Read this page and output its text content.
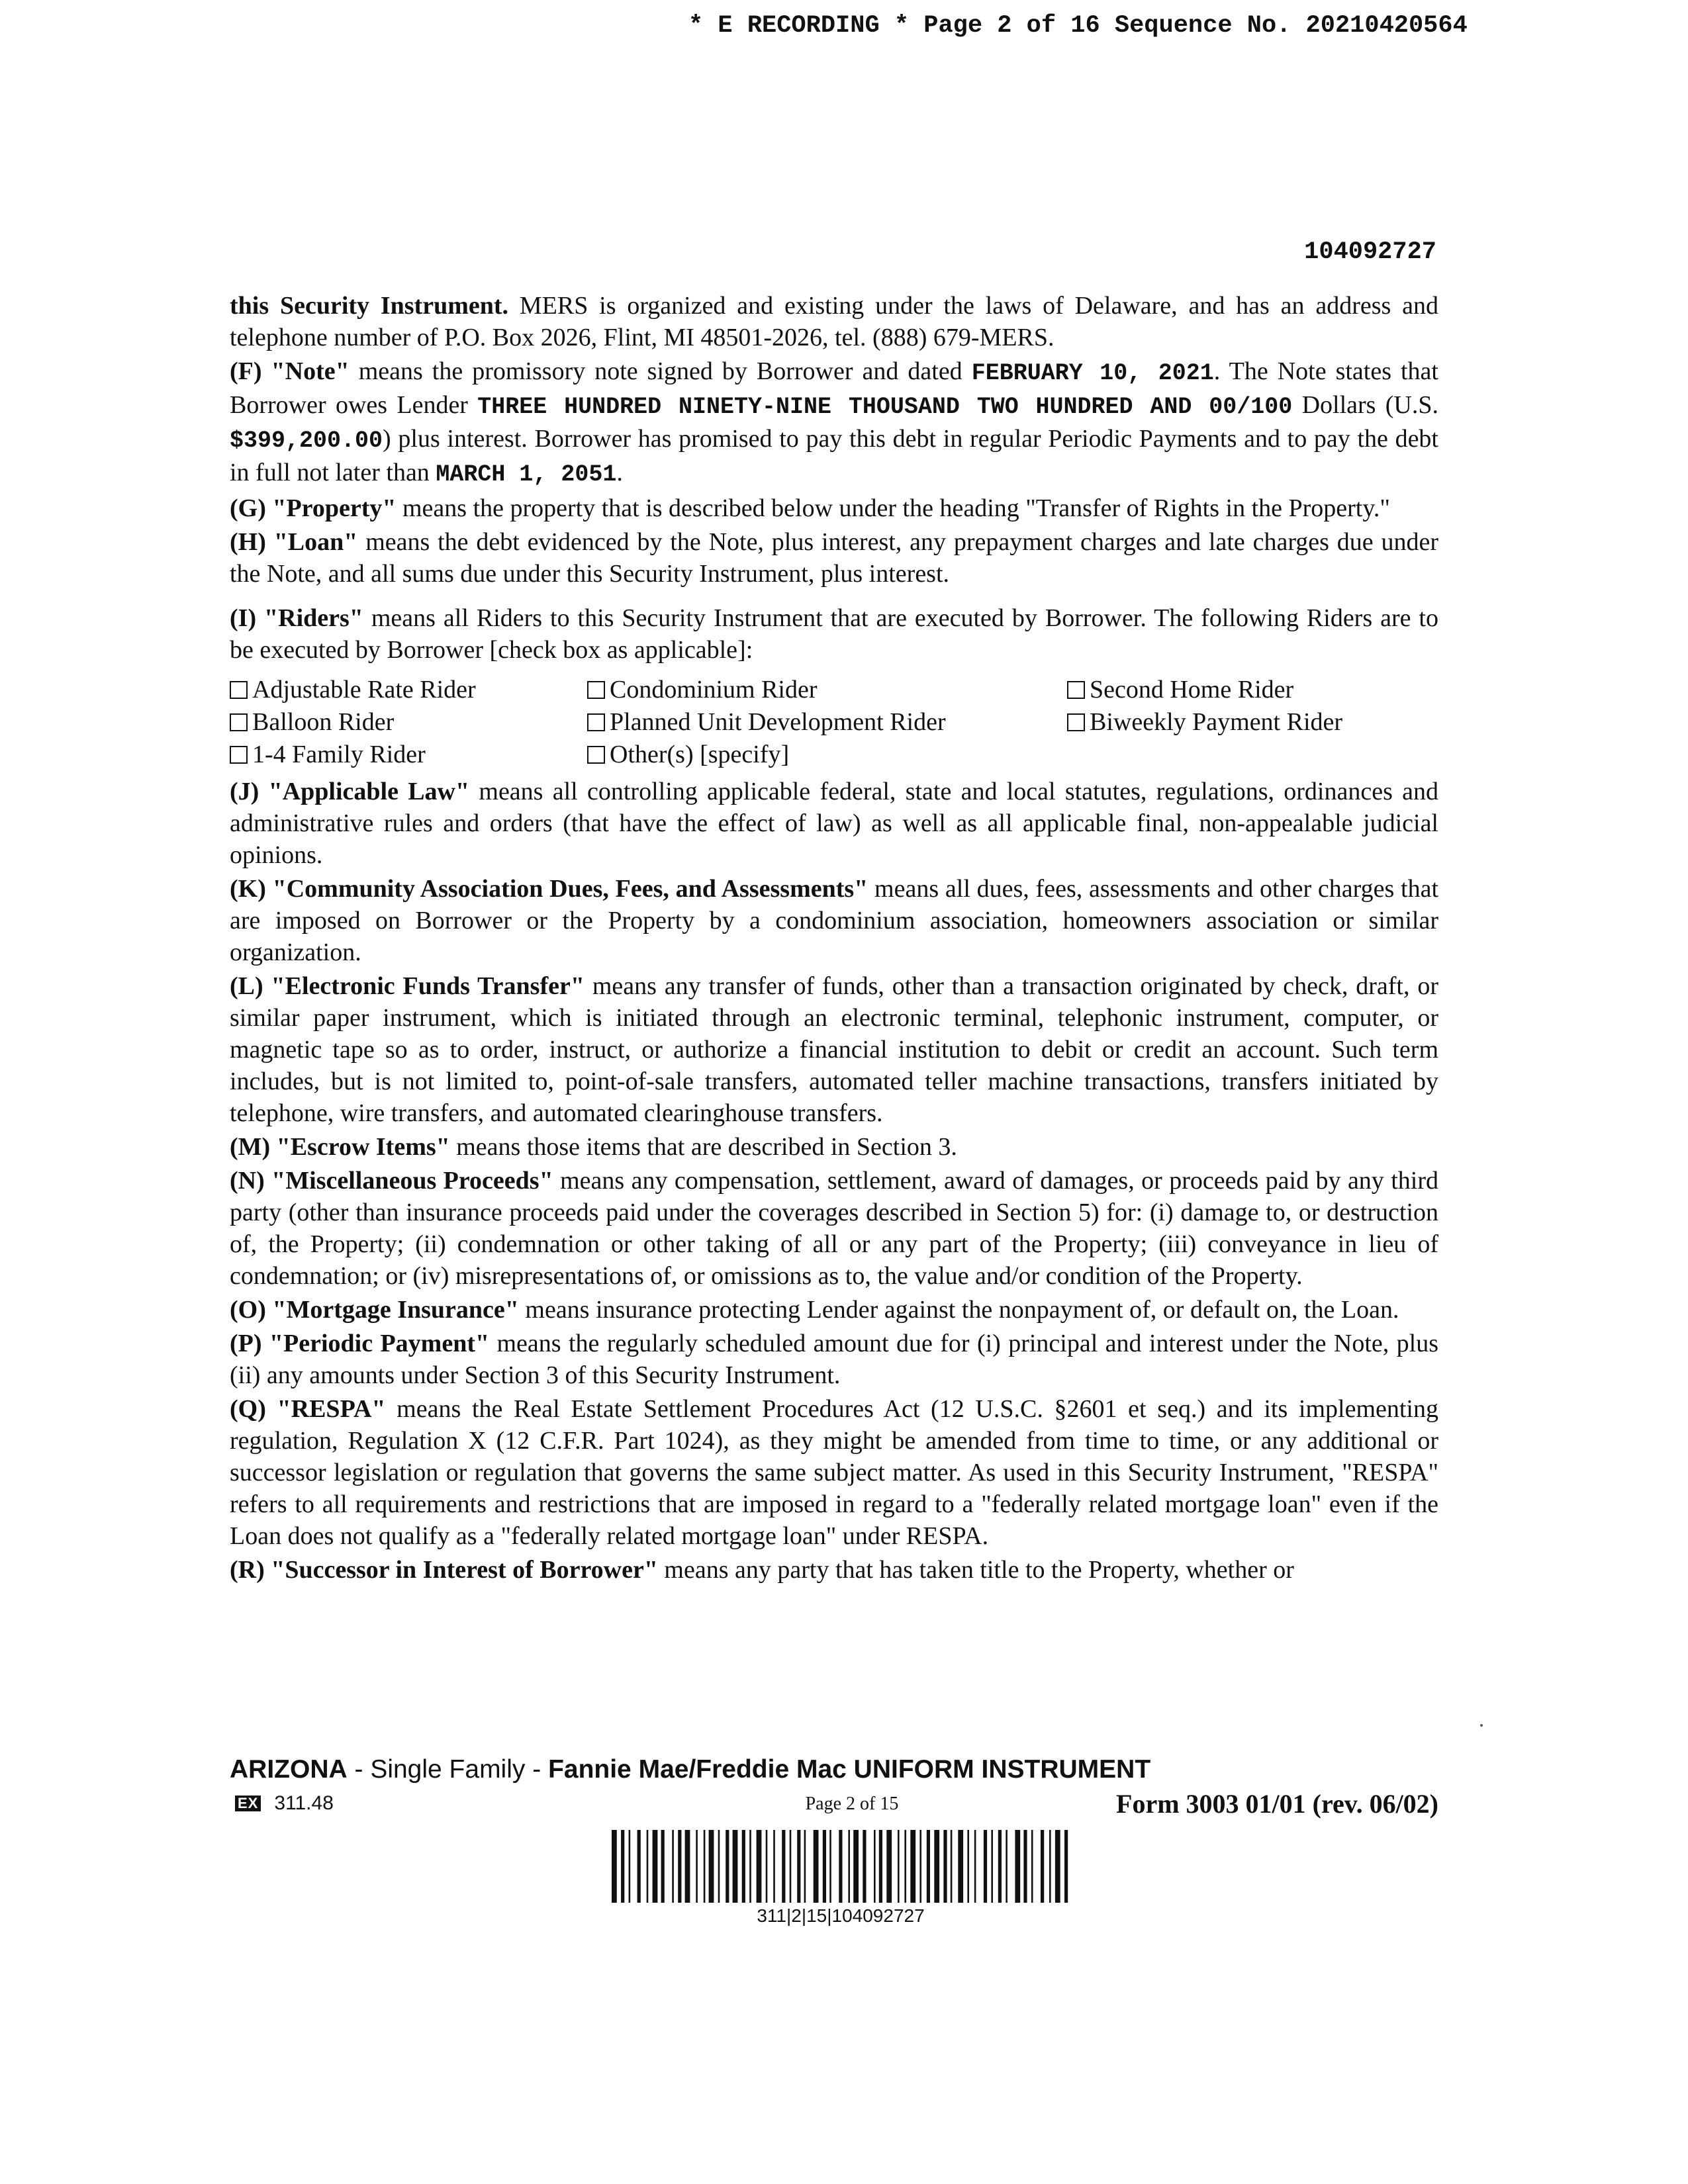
* E RECORDING * Page 2 of 16 Sequence No. 20210420564
104092727

this Security Instrument. MERS is organized and existing under the laws of Delaware, and has an address and telephone number of P.O. Box 2026, Flint, MI 48501-2026, tel. (888) 679-MERS.

(F) "Note" means the promissory note signed by Borrower and dated FEBRUARY 10, 2021. The Note states that Borrower owes Lender THREE HUNDRED NINETY-NINE THOUSAND TWO HUNDRED AND 00/100 Dollars (U.S. $399,200.00) plus interest. Borrower has promised to pay this debt in regular Periodic Payments and to pay the debt in full not later than MARCH 1, 2051.

(G) "Property" means the property that is described below under the heading "Transfer of Rights in the Property."

(H) "Loan" means the debt evidenced by the Note, plus interest, any prepayment charges and late charges due under the Note, and all sums due under this Security Instrument, plus interest.

(I) "Riders" means all Riders to this Security Instrument that are executed by Borrower. The following Riders are to be executed by Borrower [check box as applicable]:

Adjustable Rate Rider	Condominium Rider	Second Home Rider
Balloon Rider	Planned Unit Development Rider	Biweekly Payment Rider
1-4 Family Rider	Other(s) [specify]

(J) "Applicable Law" means all controlling applicable federal, state and local statutes, regulations, ordinances and administrative rules and orders (that have the effect of law) as well as all applicable final, non-appealable judicial opinions.

(K) "Community Association Dues, Fees, and Assessments" means all dues, fees, assessments and other charges that are imposed on Borrower or the Property by a condominium association, homeowners association or similar organization.

(L) "Electronic Funds Transfer" means any transfer of funds, other than a transaction originated by check, draft, or similar paper instrument, which is initiated through an electronic terminal, telephonic instrument, computer, or magnetic tape so as to order, instruct, or authorize a financial institution to debit or credit an account. Such term includes, but is not limited to, point-of-sale transfers, automated teller machine transactions, transfers initiated by telephone, wire transfers, and automated clearinghouse transfers.

(M) "Escrow Items" means those items that are described in Section 3.

(N) "Miscellaneous Proceeds" means any compensation, settlement, award of damages, or proceeds paid by any third party (other than insurance proceeds paid under the coverages described in Section 5) for: (i) damage to, or destruction of, the Property; (ii) condemnation or other taking of all or any part of the Property; (iii) conveyance in lieu of condemnation; or (iv) misrepresentations of, or omissions as to, the value and/or condition of the Property.

(O) "Mortgage Insurance" means insurance protecting Lender against the nonpayment of, or default on, the Loan.

(P) "Periodic Payment" means the regularly scheduled amount due for (i) principal and interest under the Note, plus (ii) any amounts under Section 3 of this Security Instrument.

(Q) "RESPA" means the Real Estate Settlement Procedures Act (12 U.S.C. §2601 et seq.) and its implementing regulation, Regulation X (12 C.F.R. Part 1024), as they might be amended from time to time, or any additional or successor legislation or regulation that governs the same subject matter. As used in this Security Instrument, "RESPA" refers to all requirements and restrictions that are imposed in regard to a "federally related mortgage loan" even if the Loan does not qualify as a "federally related mortgage loan" under RESPA.

(R) "Successor in Interest of Borrower" means any party that has taken title to the Property, whether or

ARIZONA - Single Family - Fannie Mae/Freddie Mac UNIFORM INSTRUMENT
EX 311.48	Page 2 of 15	Form 3003 01/01 (rev. 06/02)
311|2|15|104092727
